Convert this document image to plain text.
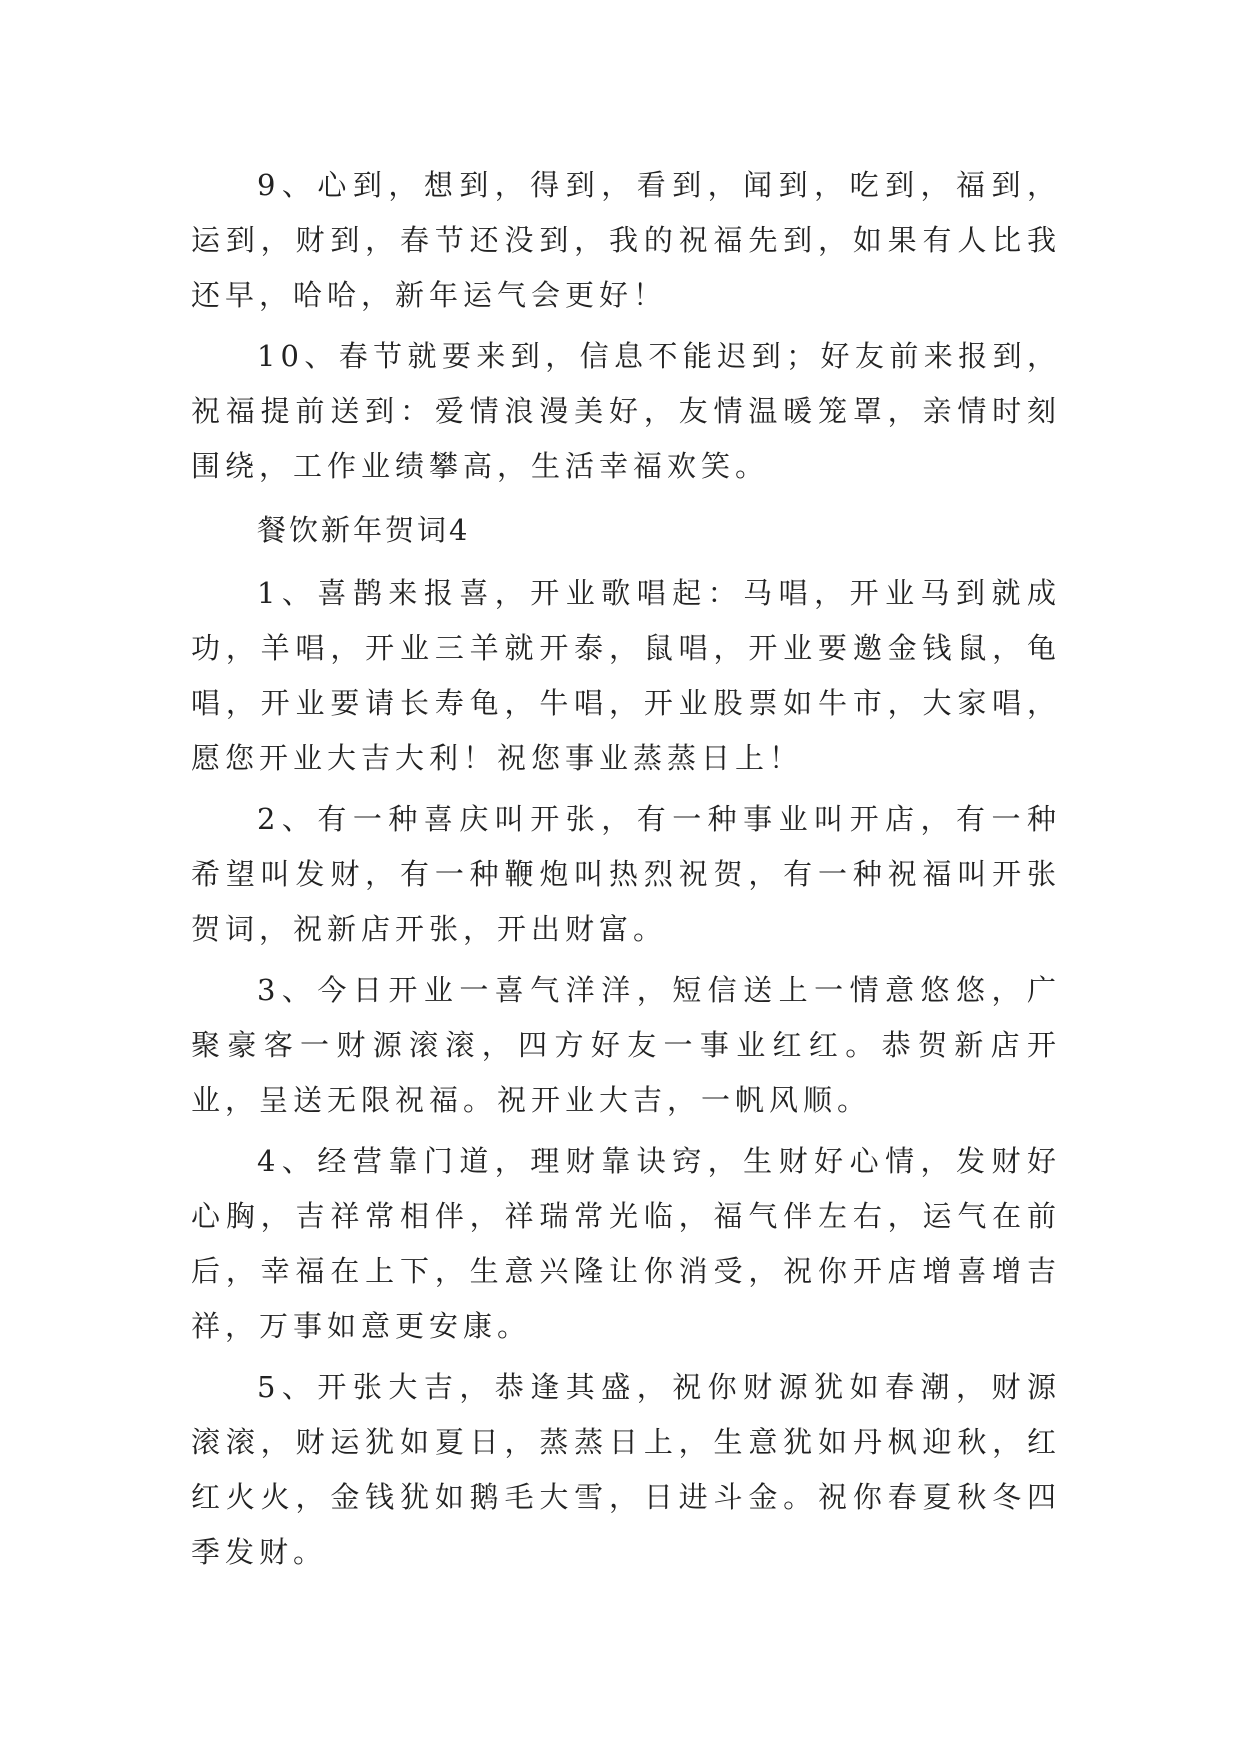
9、心到，想到，得到，看到，闻到，吃到，福到，运到，财到，春节还没到，我的祝福先到，如果有人比我还早，哈哈，新年运气会更好！

10、春节就要来到，信息不能迟到；好友前来报到，祝福提前送到：爱情浪漫美好，友情温暖笼罩，亲情时刻围绕，工作业绩攀高，生活幸福欢笑。

餐饮新年贺词4

1、喜鹊来报喜，开业歌唱起：马唱，开业马到就成功，羊唱，开业三羊就开泰，鼠唱，开业要邀金钱鼠，龟唱，开业要请长寿龟，牛唱，开业股票如牛市，大家唱，愿您开业大吉大利！祝您事业蒸蒸日上！

2、有一种喜庆叫开张，有一种事业叫开店，有一种希望叫发财，有一种鞭炮叫热烈祝贺，有一种祝福叫开张贺词，祝新店开张，开出财富。

3、今日开业一喜气洋洋，短信送上一情意悠悠，广聚豪客一财源滚滚，四方好友一事业红红。恭贺新店开业，呈送无限祝福。祝开业大吉，一帆风顺。

4、经营靠门道，理财靠诀窍，生财好心情，发财好心胸，吉祥常相伴，祥瑞常光临，福气伴左右，运气在前后，幸福在上下，生意兴隆让你消受，祝你开店增喜增吉祥，万事如意更安康。

5、开张大吉，恭逢其盛，祝你财源犹如春潮，财源滚滚，财运犹如夏日，蒸蒸日上，生意犹如丹枫迎秋，红红火火，金钱犹如鹅毛大雪，日进斗金。祝你春夏秋冬四季发财。
